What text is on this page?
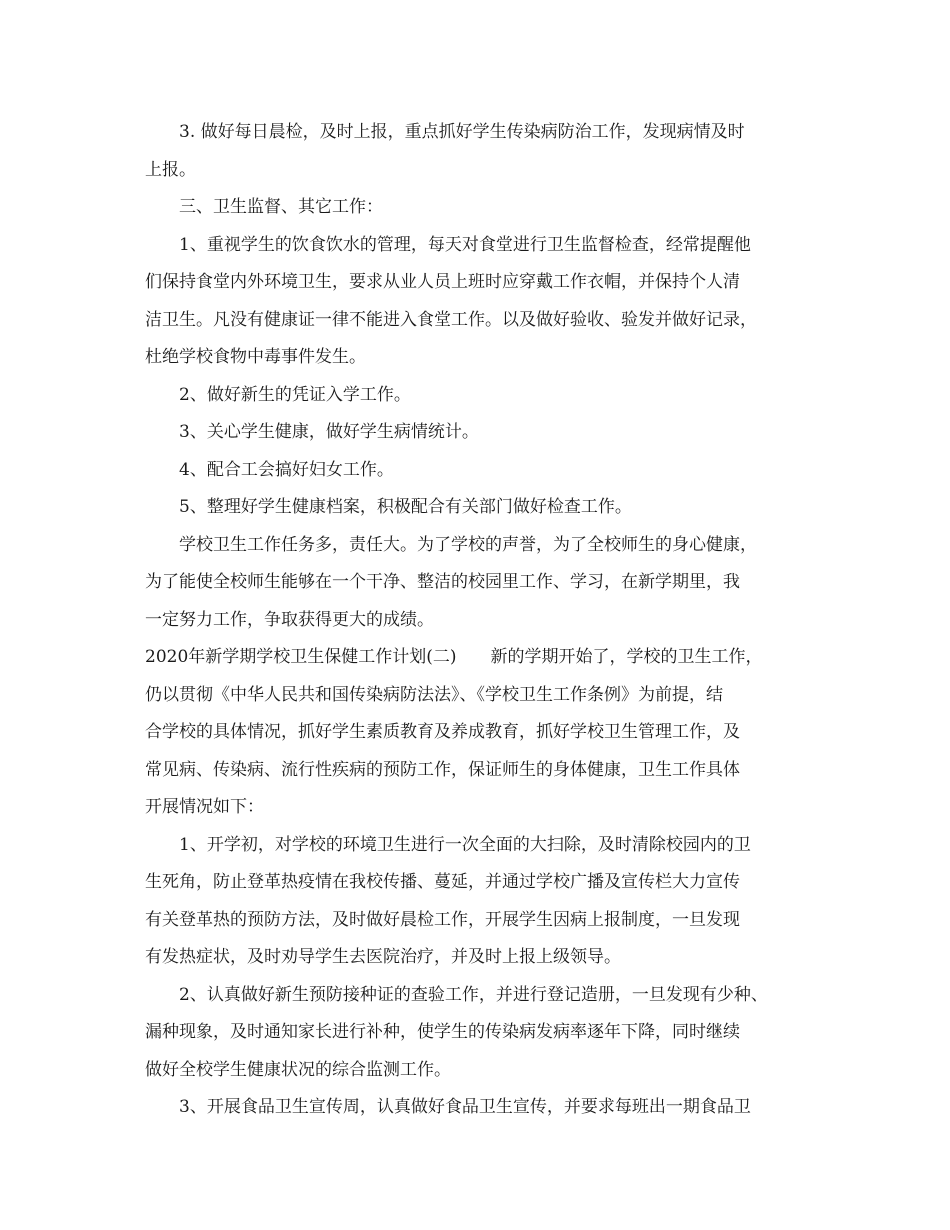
3. 做好每日晨检，及时上报，重点抓好学生传染病防治工作，发现病情及时
上报。
三、卫生监督、其它工作：
1、重视学生的饮食饮水的管理，每天对食堂进行卫生监督检查，经常提醒他
们保持食堂内外环境卫生，要求从业人员上班时应穿戴工作衣帽，并保持个人清
洁卫生。凡没有健康证一律不能进入食堂工作。以及做好验收、验发并做好记录，
杜绝学校食物中毒事件发生。
2、做好新生的凭证入学工作。
3、关心学生健康，做好学生病情统计。
4、配合工会搞好妇女工作。
5、整理好学生健康档案，积极配合有关部门做好检查工作。
学校卫生工作任务多，责任大。为了学校的声誉，为了全校师生的身心健康，
为了能使全校师生能够在一个干净、整洁的校园里工作、学习，在新学期里，我
一定努力工作，争取获得更大的成绩。
2020年新学期学校卫生保健工作计划(二)　　新的学期开始了，学校的卫生工作，
仍以贯彻《中华人民共和国传染病防法法》、《学校卫生工作条例》为前提，结
合学校的具体情况，抓好学生素质教育及养成教育，抓好学校卫生管理工作，及
常见病、传染病、流行性疾病的预防工作，保证师生的身体健康，卫生工作具体
开展情况如下：
1、开学初，对学校的环境卫生进行一次全面的大扫除，及时清除校园内的卫
生死角，防止登革热疫情在我校传播、蔓延，并通过学校广播及宣传栏大力宣传
有关登革热的预防方法，及时做好晨检工作，开展学生因病上报制度，一旦发现
有发热症状，及时劝导学生去医院治疗，并及时上报上级领导。
2、认真做好新生预防接种证的查验工作，并进行登记造册，一旦发现有少种、
漏种现象，及时通知家长进行补种，使学生的传染病发病率逐年下降，同时继续
做好全校学生健康状况的综合监测工作。
3、开展食品卫生宣传周，认真做好食品卫生宣传，并要求每班出一期食品卫
